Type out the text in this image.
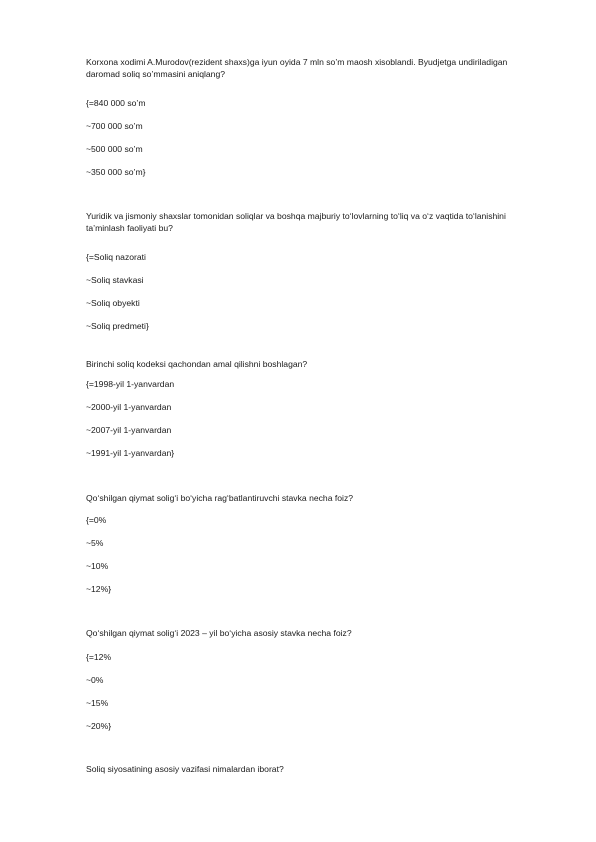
Korxona xodimi A.Murodov(rezident shaxs)ga iyun oyida 7 mln so’m maosh xisoblandi. Byudjetga undiriladigan daromad soliq so’mmasini aniqlang?
{=840 000 so’m
~700 000 so’m
~500 000 so’m
~350 000 so’m}
Yuridik va jismoniy shaxslar tomonidan soliqlar va boshqa majburiy to‘lovlarning to‘liq va o‘z vaqtida to‘lanishini ta’minlash faoliyati bu?
{=Soliq nazorati
~Soliq stavkasi
~Soliq obyekti
~Soliq predmeti}
Birinchi soliq kodeksi qachondan amal qilishni boshlagan?
{=1998-yil 1-yanvardan
~2000-yil 1-yanvardan
~2007-yil 1-yanvardan
~1991-yil 1-yanvardan}
Qo‘shilgan qiymat solig‘i bo‘yicha rag‘batlantiruvchi stavka necha foiz?
{=0%
~5%
~10%
~12%}
Qo‘shilgan qiymat solig‘i 2023 – yil bo‘yicha asosiy stavka necha foiz?
{=12%
~0%
~15%
~20%}
Soliq siyosatining asosiy vazifasi nimalardan iborat?
